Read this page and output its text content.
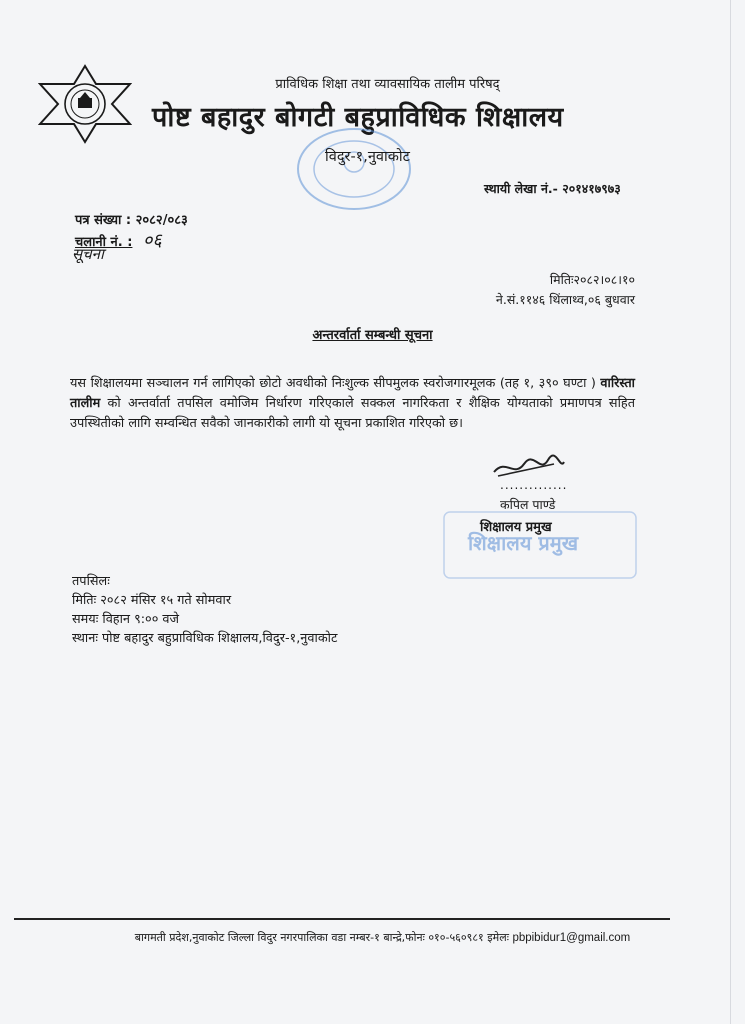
प्राविधिक शिक्षा तथा व्यावसायिक तालीम परिषद्
पोष्ट बहादुर बोगटी बहुप्राविधिक शिक्षालय
विदुर-१,नुवाकोट
स्थायी लेखा नं.- २०१४१७९७३
पत्र संख्या : २०८२/०८३
चलानी नं. : ०६
सूचना
मितिः२०८२।०८।१०
ने.सं.११४६ थिंलाथ्व,०६ बुधवार
अन्तरर्वार्ता सम्बन्धी सूचना
यस शिक्षालयमा सञ्चालन गर्न लागिएको छोटो अवधीको निःशुल्क सीपमुलक स्वरोजगारमूलक (तह १, ३९० घण्टा ) वारिस्ता तालीम को अन्तर्वार्ता तपसिल वमोजिम निर्धारण गरिएकाले सक्कल नागरिकता र शैक्षिक योग्यताको प्रमाणपत्र सहित उपस्थितीको लागि सम्वन्धित सवैको जानकारीको लागी यो सूचना प्रकाशित गरिएको छ।
..............
कपिल पाण्डे
शिक्षालय प्रमुख
शिक्षालय प्रमुख
तपसिलः
मितिः २०८२ मंसिर १५ गते सोमवार
समयः विहान ९:०० वजे
स्थानः पोष्ट बहादुर बहुप्राविधिक शिक्षालय,विदुर-१,नुवाकोट
बागमती प्रदेश,नुवाकोट जिल्ला विदुर नगरपालिका वडा नम्बर-१ बान्द्रे,फोनः ०१०-५६०९८१ इमेलः pbpibidur1@gmail.com
